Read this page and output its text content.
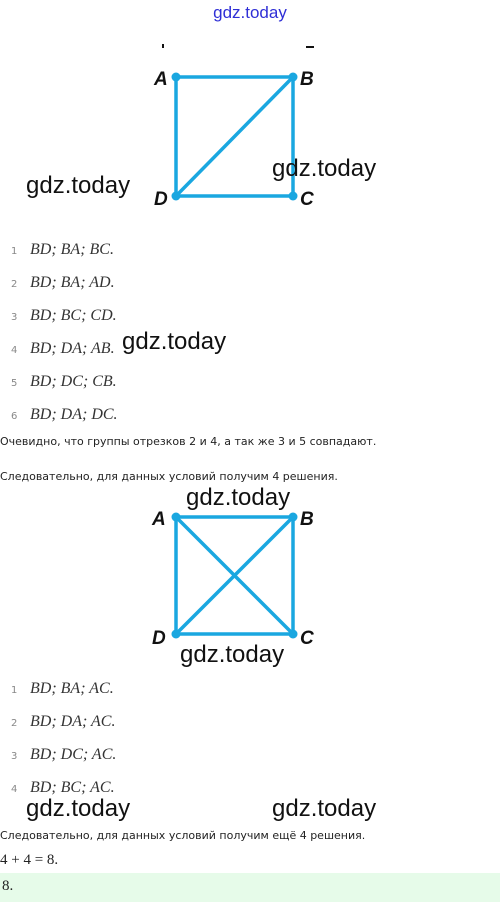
gdz.today
A	B
C
D
gdz.today
gdz.today
1 BD; BA; BC.
2 BD; BA; AD.
3 BD; BC; CD.
4 BD; DA; AB.
5 BD; DC; CB.
6 BD; DA; DC.
gdz.today
Очевидно, что группы отрезков 2 и 4, а так же 3 и 5 совпадают.
Следовательно, для данных условий получим 4 решения.
gdz.today
A	B
C
D
gdz.today
1 BD; BA; AC.
2 BD; DA; AC.
3 BD; DC; AC.
4 BD; BC; AC.
gdz.today	gdz.today
Следовательно, для данных условий получим ещё 4 решения.
4 + 4 = 8.
8.
